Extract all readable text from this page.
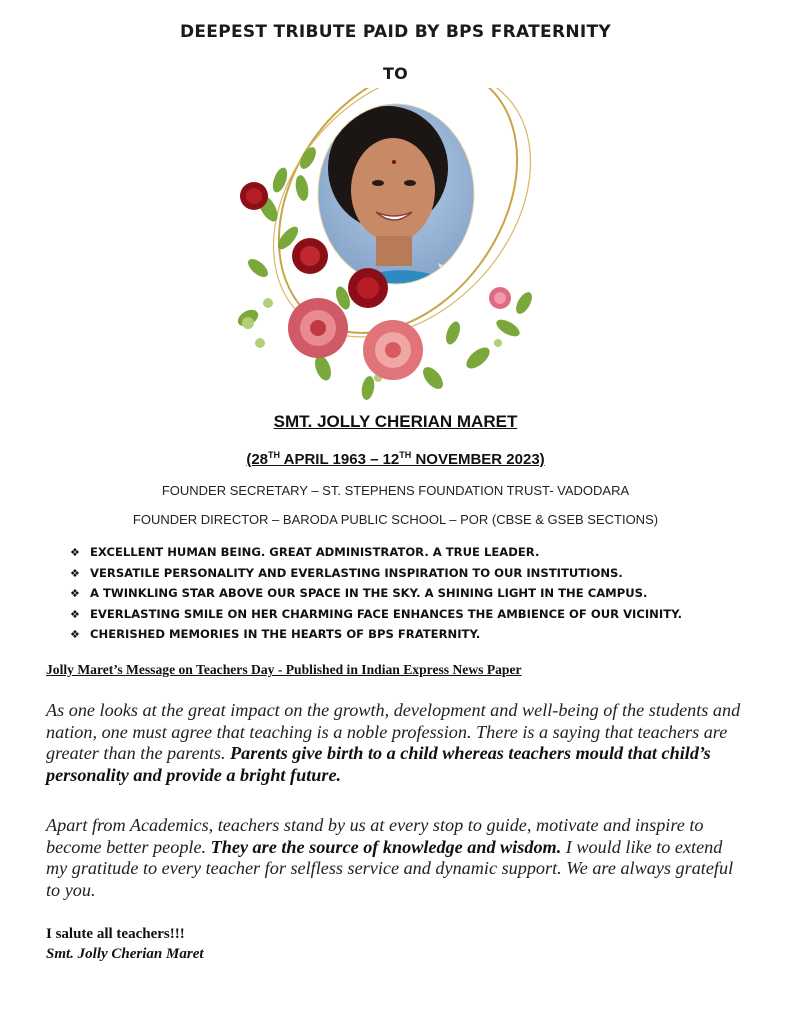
DEEPEST TRIBUTE PAID BY BPS FRATERNITY
TO
SMT. JOLLY CHERIAN MARET
(28TH APRIL 1963 – 12TH NOVEMBER 2023)
FOUNDER SECRETARY – ST. STEPHENS FOUNDATION TRUST- VADODARA
FOUNDER DIRECTOR – BARODA PUBLIC SCHOOL – POR (CBSE & GSEB SECTIONS)
❖ EXCELLENT HUMAN BEING. GREAT ADMINISTRATOR. A TRUE LEADER.
❖ VERSATILE PERSONALITY AND EVERLASTING INSPIRATION TO OUR INSTITUTIONS.
❖ A TWINKLING STAR ABOVE OUR SPACE IN THE SKY. A SHINING LIGHT IN THE CAMPUS.
❖ EVERLASTING SMILE ON HER CHARMING FACE ENHANCES THE AMBIENCE OF OUR VICINITY.
❖ CHERISHED MEMORIES IN THE HEARTS OF BPS FRATERNITY.
Jolly Maret’s Message on Teachers Day - Published in Indian Express News Paper

As one looks at the great impact on the growth, development and well-being of the students and nation, one must agree that teaching is a noble profession. There is a saying that teachers are greater than the parents. Parents give birth to a child whereas teachers mould that child’s personality and provide a bright future.

Apart from Academics, teachers stand by us at every stop to guide, motivate and inspire to become better people. They are the source of knowledge and wisdom. I would like to extend my gratitude to every teacher for selfless service and dynamic support. We are always grateful to you.

I salute all teachers!!!
Smt. Jolly Cherian Maret
